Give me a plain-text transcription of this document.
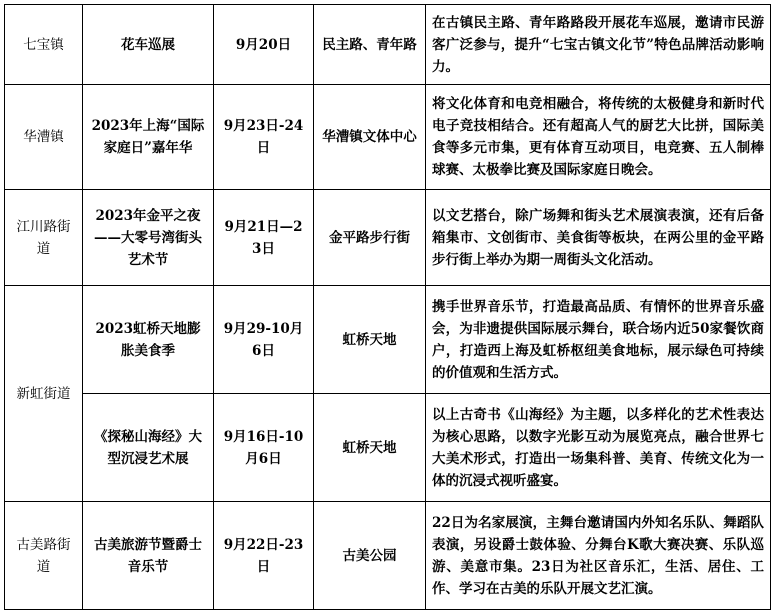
七宝镇	花车巡展	9月20日	民主路、青年路	在古镇民主路、青年路路段开展花车巡展，邀请市民游客广泛参与，提升“七宝古镇文化节”特色品牌活动影响力。
华漕镇	2023年上海“国际家庭日”嘉年华	9月23日-24日	华漕镇文体中心	将文化体育和电竞相融合，将传统的太极健身和新时代电子竞技相结合。还有超高人气的厨艺大比拼，国际美食等多元市集，更有体育互动项目，电竞赛、五人制棒球赛、太极拳比赛及国际家庭日晚会。
江川路街道	2023年金平之夜——大零号湾街头艺术节	9月21日—23日	金平路步行街	以文艺搭台，除广场舞和街头艺术展演表演，还有后备箱集市、文创街市、美食街等板块，在两公里的金平路步行街上举办为期一周街头文化活动。
新虹街道	2023虹桥天地膨胀美食季	9月29-10月6日	虹桥天地	携手世界音乐节，打造最高品质、有情怀的世界音乐盛会，为非遗提供国际展示舞台，联合场内近50家餐饮商户，打造西上海及虹桥枢纽美食地标，展示绿色可持续的价值观和生活方式。
	《探秘山海经》大型沉浸艺术展	9月16日-10月6日	虹桥天地	以上古奇书《山海经》为主题，以多样化的艺术性表达为核心思路，以数字光影互动为展览亮点，融合世界七大美术形式，打造出一场集科普、美育、传统文化为一体的沉浸式视听盛宴。
古美路街道	古美旅游节暨爵士音乐节	9月22日-23日	古美公园	22日为名家展演，主舞台邀请国内外知名乐队、舞蹈队表演，另设爵士鼓体验、分舞台K歌大赛决赛、乐队巡游、美意市集。23日为社区音乐汇，生活、居住、工作、学习在古美的乐队开展文艺汇演。
